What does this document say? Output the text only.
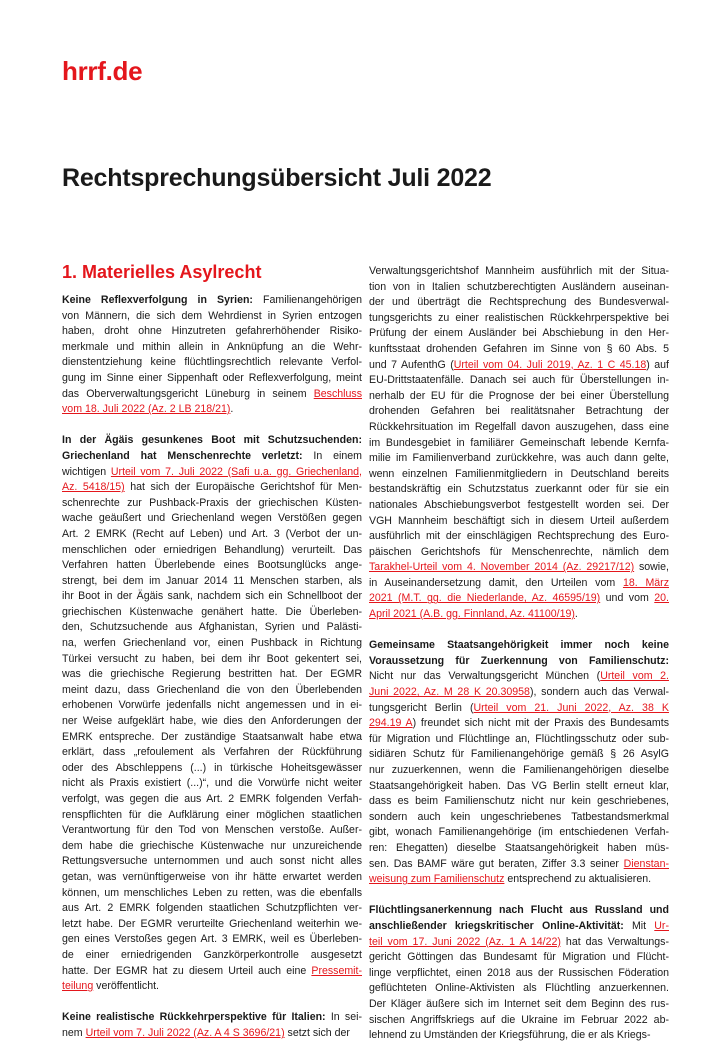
hrrf.de
Rechtsprechungsübersicht Juli 2022
1. Materielles Asylrecht
Keine Reflexverfolgung in Syrien: Familienangehörigen
von Männern, die sich dem Wehrdienst in Syrien entzogen
haben, droht ohne Hinzutreten gefahrerhöhender Risiko-
merkmale und mithin allein in Anknüpfung an die Wehr-
dienstentziehung keine flüchtlingsrechtlich relevante Verfol-
gung im Sinne einer Sippenhaft oder Reflexverfolgung, meint
das Oberverwaltungsgericht Lüneburg in seinem Beschluss
vom 18. Juli 2022 (Az. 2 LB 218/21).
In der Ägäis gesunkenes Boot mit Schutzsuchenden:
Griechenland hat Menschenrechte verletzt: In einem
wichtigen Urteil vom 7. Juli 2022 (Safi u.a. gg. Griechenland,
Az. 5418/15) hat sich der Europäische Gerichtshof für Men-
schenrechte zur Pushback-Praxis der griechischen Küsten-
wache geäußert und Griechenland wegen Verstößen gegen
Art. 2 EMRK (Recht auf Leben) und Art. 3 (Verbot der un-
menschlichen oder erniedrigen Behandlung) verurteilt. Das
Verfahren hatten Überlebende eines Bootsunglücks ange-
strengt, bei dem im Januar 2014 11 Menschen starben, als
ihr Boot in der Ägäis sank, nachdem sich ein Schnellboot der
griechischen Küstenwache genähert hatte. Die Überleben-
den, Schutzsuchende aus Afghanistan, Syrien und Palästi-
na, werfen Griechenland vor, einen Pushback in Richtung
Türkei versucht zu haben, bei dem ihr Boot gekentert sei,
was die griechische Regierung bestritten hat. Der EGMR
meint dazu, dass Griechenland die von den Überlebenden
erhobenen Vorwürfe jedenfalls nicht angemessen und in ei-
ner Weise aufgeklärt habe, wie dies den Anforderungen der
EMRK entspreche. Der zuständige Staatsanwalt habe etwa
erklärt, dass „refoulement als Verfahren der Rückführung
oder des Abschleppens (...) in türkische Hoheitsgewässer
nicht als Praxis existiert (...)“, und die Vorwürfe nicht weiter
verfolgt, was gegen die aus Art. 2 EMRK folgenden Verfah-
renspflichten für die Aufklärung einer möglichen staatlichen
Verantwortung für den Tod von Menschen verstoße. Außer-
dem habe die griechische Küstenwache nur unzureichende
Rettungsversuche unternommen und auch sonst nicht alles
getan, was vernünftigerweise von ihr hätte erwartet werden
können, um menschliches Leben zu retten, was die ebenfalls
aus Art. 2 EMRK folgenden staatlichen Schutzpflichten ver-
letzt habe. Der EGMR verurteilte Griechenland weiterhin we-
gen eines Verstoßes gegen Art. 3 EMRK, weil es Überleben-
de einer erniedrigenden Ganzkörperkontrolle ausgesetzt
hatte. Der EGMR hat zu diesem Urteil auch eine Pressemit-
teilung veröffentlicht.
Keine realistische Rückkehrperspektive für Italien: In sei-
nem Urteil vom 7. Juli 2022 (Az. A 4 S 3696/21) setzt sich der
Verwaltungsgerichtshof Mannheim ausführlich mit der Situa-
tion von in Italien schutzberechtigten Ausländern auseinan-
der und überträgt die Rechtsprechung des Bundesverwal-
tungsgerichts zu einer realistischen Rückkehrperspektive bei
Prüfung der einem Ausländer bei Abschiebung in den Her-
kunftsstaat drohenden Gefahren im Sinne von § 60 Abs. 5
und 7 AufenthG (Urteil vom 04. Juli 2019, Az. 1 C 45.18) auf
EU-Drittstaatenfälle. Danach sei auch für Überstellungen in-
nerhalb der EU für die Prognose der bei einer Überstellung
drohenden Gefahren bei realitätsnaher Betrachtung der
Rückkehrsituation im Regelfall davon auszugehen, dass eine
im Bundesgebiet in familiärer Gemeinschaft lebende Kernfa-
milie im Familienverband zurückkehre, was auch dann gelte,
wenn einzelnen Familienmitgliedern in Deutschland bereits
bestandskräftig ein Schutzstatus zuerkannt oder für sie ein
nationales Abschiebungsverbot festgestellt worden sei. Der
VGH Mannheim beschäftigt sich in diesem Urteil außerdem
ausführlich mit der einschlägigen Rechtsprechung des Euro-
päischen Gerichtshofs für Menschenrechte, nämlich dem
Tarakhel-Urteil vom 4. November 2014 (Az. 29217/12) sowie,
in Auseinandersetzung damit, den Urteilen vom 18. März
2021 (M.T. gg. die Niederlande, Az. 46595/19) und vom 20.
April 2021 (A.B. gg. Finnland, Az. 41100/19).
Gemeinsame Staatsangehörigkeit immer noch keine
Voraussetzung für Zuerkennung von Familienschutz:
Nicht nur das Verwaltungsgericht München (Urteil vom 2.
Juni 2022, Az. M 28 K 20.30958), sondern auch das Verwal-
tungsgericht Berlin (Urteil vom 21. Juni 2022, Az. 38 K
294.19 A) freundet sich nicht mit der Praxis des Bundesamts
für Migration und Flüchtlinge an, Flüchtlingsschutz oder sub-
sidiären Schutz für Familienangehörige gemäß § 26 AsylG
nur zuzuerkennen, wenn die Familienangehörigen dieselbe
Staatsangehörigkeit haben. Das VG Berlin stellt erneut klar,
dass es beim Familienschutz nicht nur kein geschriebenes,
sondern auch kein ungeschriebenes Tatbestandsmerkmal
gibt, wonach Familienangehörige (im entschiedenen Verfah-
ren: Ehegatten) dieselbe Staatsangehörigkeit haben müs-
sen. Das BAMF wäre gut beraten, Ziffer 3.3 seiner Dienstan-
weisung zum Familienschutz entsprechend zu aktualisieren.
Flüchtlingsanerkennung nach Flucht aus Russland und
anschließender kriegskritischer Online-Aktivität: Mit Ur-
teil vom 17. Juni 2022 (Az. 1 A 14/22) hat das Verwaltungs-
gericht Göttingen das Bundesamt für Migration und Flücht-
linge verpflichtet, einen 2018 aus der Russischen Föderation
geflüchteten Online-Aktivisten als Flüchtling anzuerkennen.
Der Kläger äußere sich im Internet seit dem Beginn des rus-
sischen Angriffskriegs auf die Ukraine im Februar 2022 ab-
lehnend zu Umständen der Kriegsführung, die er als Kriegs-
